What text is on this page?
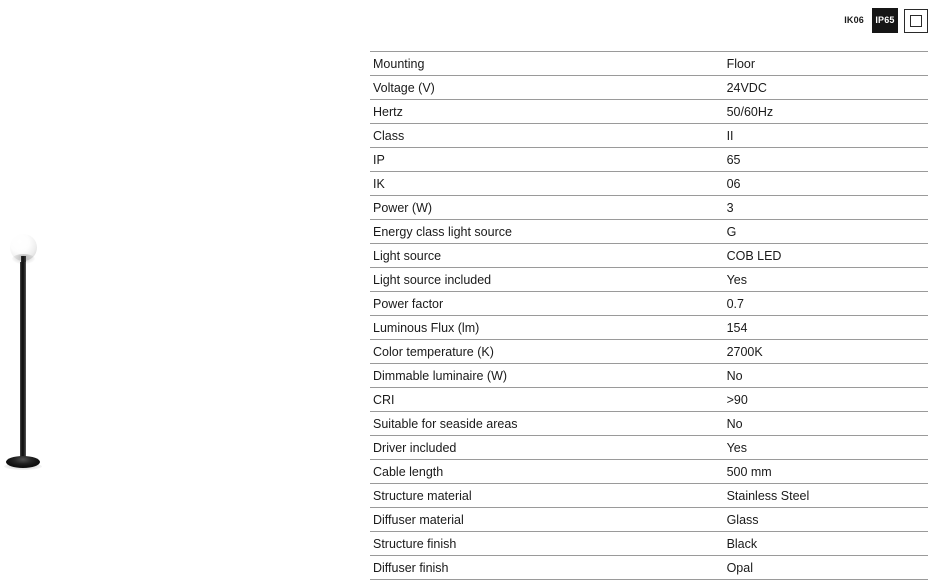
IK06	IP65
Mounting	Floor
Voltage (V)	24VDC
Hertz	50/60Hz
Class	II
IP	65
IK	06
Power (W)	3
Energy class light source	G
Light source	COB LED
Light source included	Yes
Power factor	0.7
Luminous Flux (lm)	154
Color temperature (K)	2700K
Dimmable luminaire (W)	No
CRI	>90
Suitable for seaside areas	No
Driver included	Yes
Cable length	500 mm
Structure material	Stainless Steel
Diffuser material	Glass
Structure finish	Black
Diffuser finish	Opal
